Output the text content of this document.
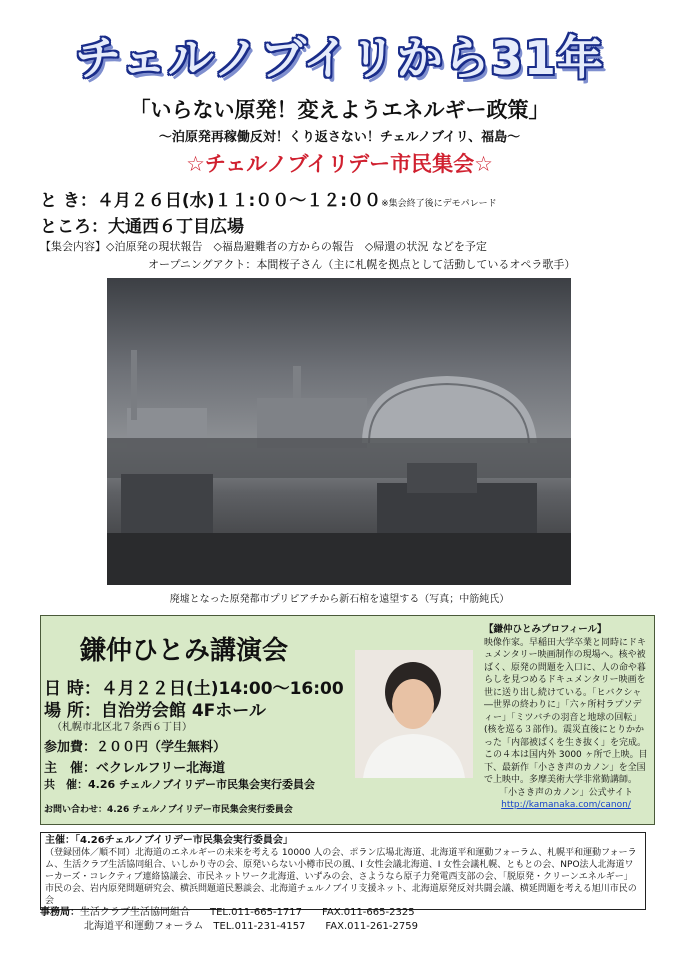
チェルノブイリから31年
「いらない原発！変えようエネルギー政策」
～泊原発再稼働反対！くり返さない！チェルノブイリ、福島～
☆チェルノブイリデー市民集会☆
と き：４月２６日(水)１１:００～１２:００※集会終了後にデモパレード
ところ：大通西６丁目広場
【集会内容】◇泊原発の現状報告　◇福島避難者の方からの報告　◇帰還の状況 などを予定
オープニングアクト：本間桜子さん（主に札幌を拠点として活動しているオペラ歌手）
廃墟となった原発都市プリピアチから新石棺を遠望する（写真；中筋純氏）
鎌仲ひとみ講演会
日 時：４月２２日(土)14:00～16:00
場 所：自治労会館 4Fホール
（札幌市北区北７条西６丁目）
参加費：２００円（学生無料）
主　催：ベクレルフリー北海道
共　催：4.26 チェルノブイリデー市民集会実行委員会
お問い合わせ：4.26 チェルノブイリデー市民集会実行委員会
【鎌仲ひとみプロフィール】
映像作家。早稲田大学卒業と同時にドキュメンタリー映画制作の現場へ。核や被ばく、原発の問題を入口に、人の命や暮らしを見つめるドキュメンタリー映画を世に送り出し続けている。「ヒバクシャ―世界の終わりに」「六ヶ所村ラプソディー」「ミツバチの羽音と地球の回転」(核を巡る３部作)。震災直後にとりかかった「内部被ばくを生き抜く」を完成。この４本は国内外 3000 ヶ所で上映。目下、最新作「小さき声のカノン」を全国で上映中。多摩美術大学非常勤講師。
「小さき声のカノン」公式サイト
http://kamanaka.com/canon/
主催：「4.26チェルノブイリデー市民集会実行委員会」
（登録団体／順不同）北海道のエネルギーの未来を考える 10000 人の会、ポラン広場北海道、北海道平和運動フォーラム、札幌平和運動フォーラム、生活クラブ生活協同組合、いしかり寺の会、原発いらない小樽市民の風、I 女性会議北海道、I 女性会議札幌、ともとの会、NPO法人北海道ワーカーズ・コレクティブ連絡協議会、市民ネットワーク北海道、いずみの会、さようなら原子力発電西支部の会、「脱原発・クリーンエネルギー」市民の会、岩内原発問題研究会、横浜問題道民懇談会、北海道チェルノブイリ支援ネット、北海道原発反対共闘会議、横延問題を考える旭川市民の会
事務局：生活クラブ生活協同組合　　TEL.011-665-1717　　FAX.011-665-2325
北海道平和運動フォーラム　TEL.011-231-4157　　FAX.011-261-2759
